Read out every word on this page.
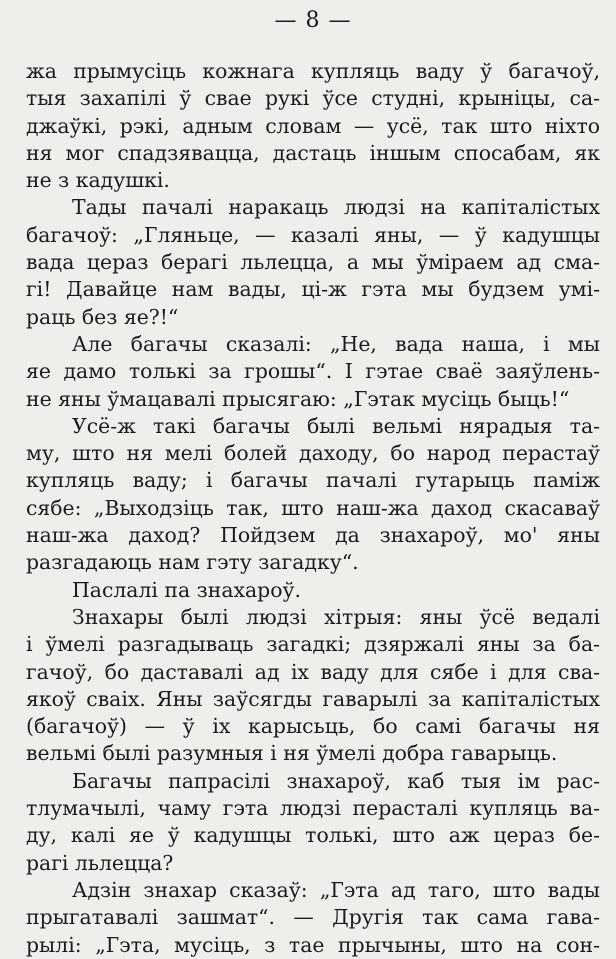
— 8 —
жа прымусіць кожнага купляць ваду ў багачоў,
тыя захапілі ў свае рукі ўсе студні, крыніцы, са-
джаўкі, рэкі, адным словам — усё, так што ніхто
ня мог спадзявацца, дастаць іншым спосабам, як
не з кадушкі.
Тады пачалі наракаць людзі на капіталістых
багачоў: „Гляньце, — казалі яны, — ў кадушцы
вада цераз берагі льлецца, а мы ўміраем ад сма-
гі! Давайце нам вады, ці-ж гэта мы будзем умі-
раць без яе?!“
Але багачы сказалі: „Не, вада наша, і мы
яе дамо толькі за грошы“. І гэтае сваё заяўлень-
не яны ўмацавалі прысягаю: „Гэтак мусіць быць!“
Усё-ж такі багачы былі вельмі нярадыя та-
му, што ня мелі болей даходу, бо народ перастаў
купляць ваду; і багачы пачалі гутарыць паміж
сябе: „Выходзіць так, што наш-жа даход скасаваў
наш-жа даход? Пойдзем да знахароў, мо' яны
разгадаюць нам гэту загадку“.
Паслалі па знахароў.
Знахары былі людзі хітрыя: яны ўсё ведалі
і ўмелі разгадываць загадкі; дзяржалі яны за ба-
гачоў, бо даставалі ад іх ваду для сябе і для сва-
якоў сваіх. Яны заўсягды гаварылі за капіталістых
(багачоў) — ў іх карысьць, бо самі багачы ня
вельмі былі разумныя і ня ўмелі добра гаварыць.
Багачы папрасілі знахароў, каб тыя ім рас-
тлумачылі, чаму гэта людзі перасталі купляць ва-
ду, калі яе ў кадушцы толькі, што аж цераз бе-
рагі льлецца?
Адзін знахар сказаў: „Гэта ад таго, што вады
прыгатавалі зашмат“. — Другія так сама гава-
рылі: „Гэта, мусіць, з тае прычыны, што на сон-
